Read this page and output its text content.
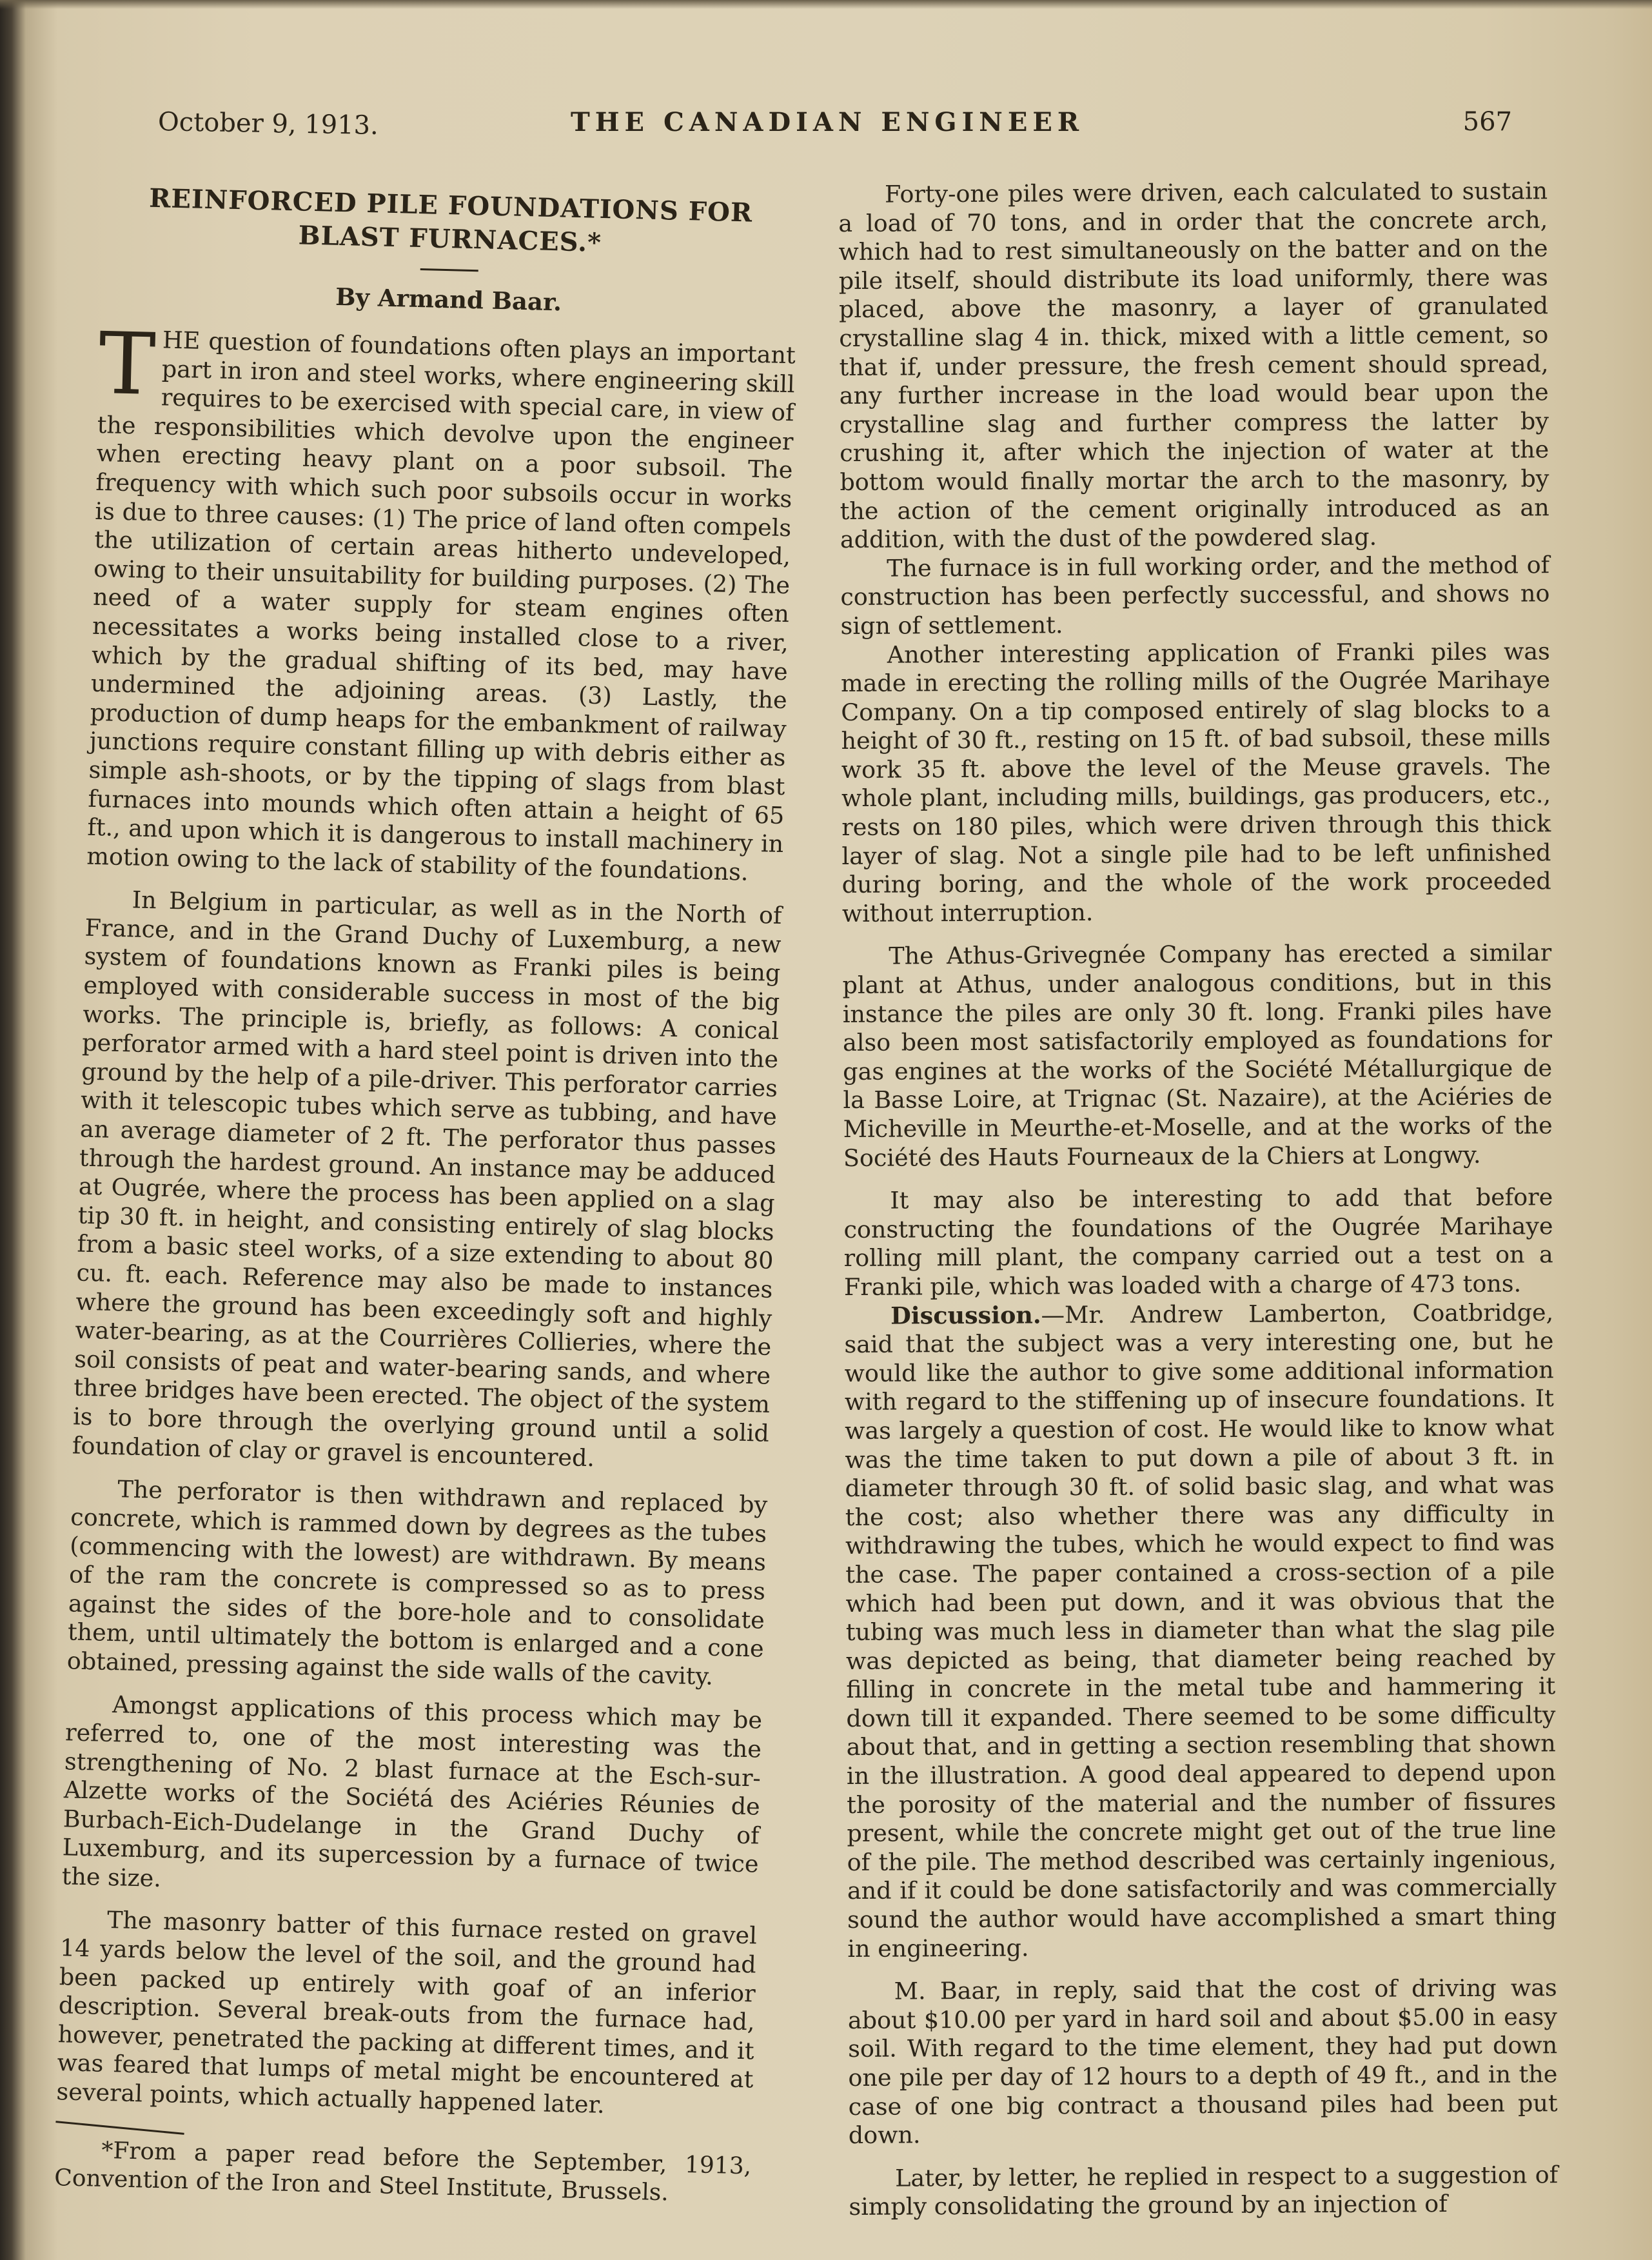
October 9, 1913.	THE CANADIAN ENGINEER	567
REINFORCED PILE FOUNDATIONS FOR BLAST FURNACES.*
By Armand Baar.

THE question of foundations often plays an important part in iron and steel works, where engineering skill requires to be exercised with special care, in view of the responsibilities which devolve upon the engineer when erecting heavy plant on a poor subsoil. The frequency with which such poor subsoils occur in works is due to three causes: (1) The price of land often compels the utilization of certain areas hitherto undeveloped, owing to their unsuitability for building purposes. (2) The need of a water supply for steam engines often necessitates a works being installed close to a river, which by the gradual shifting of its bed, may have undermined the adjoining areas. (3) Lastly, the production of dump heaps for the embankment of railway junctions require constant filling up with debris either as simple ash-shoots, or by the tipping of slags from blast furnaces into mounds which often attain a height of 65 ft., and upon which it is dangerous to install machinery in motion owing to the lack of stability of the foundations.

In Belgium in particular, as well as in the North of France, and in the Grand Duchy of Luxemburg, a new system of foundations known as Franki piles is being employed with considerable success in most of the big works. The principle is, briefly, as follows: A conical perforator armed with a hard steel point is driven into the ground by the help of a pile-driver. This perforator carries with it telescopic tubes which serve as tubbing, and have an average diameter of 2 ft. The perforator thus passes through the hardest ground. An instance may be adduced at Ougrée, where the process has been applied on a slag tip 30 ft. in height, and consisting entirely of slag blocks from a basic steel works, of a size extending to about 80 cu. ft. each. Reference may also be made to instances where the ground has been exceedingly soft and highly water-bearing, as at the Courrières Collieries, where the soil consists of peat and water-bearing sands, and where three bridges have been erected. The object of the system is to bore through the overlying ground until a solid foundation of clay or gravel is encountered.

The perforator is then withdrawn and replaced by concrete, which is rammed down by degrees as the tubes (commencing with the lowest) are withdrawn. By means of the ram the concrete is compressed so as to press against the sides of the bore-hole and to consolidate them, until ultimately the bottom is enlarged and a cone obtained, pressing against the side walls of the cavity.

Amongst applications of this process which may be referred to, one of the most interesting was the strengthening of No. 2 blast furnace at the Esch-sur-Alzette works of the Sociétá des Aciéries Réunies de Burbach-Eich-Dudelange in the Grand Duchy of Luxemburg, and its supercession by a furnace of twice the size.

The masonry batter of this furnace rested on gravel 14 yards below the level of the soil, and the ground had been packed up entirely with goaf of an inferior description. Several break-outs from the furnace had, however, penetrated the packing at different times, and it was feared that lumps of metal might be encountered at several points, which actually happened later.

*From a paper read before the September, 1913, Convention of the Iron and Steel Institute, Brussels.

Forty-one piles were driven, each calculated to sustain a load of 70 tons, and in order that the concrete arch, which had to rest simultaneously on the batter and on the pile itself, should distribute its load uniformly, there was placed, above the masonry, a layer of granulated crystalline slag 4 in. thick, mixed with a little cement, so that if, under pressure, the fresh cement should spread, any further increase in the load would bear upon the crystalline slag and further compress the latter by crushing it, after which the injection of water at the bottom would finally mortar the arch to the masonry, by the action of the cement originally introduced as an addition, with the dust of the powdered slag.

The furnace is in full working order, and the method of construction has been perfectly successful, and shows no sign of settlement.

Another interesting application of Franki piles was made in erecting the rolling mills of the Ougrée Marihaye Company. On a tip composed entirely of slag blocks to a height of 30 ft., resting on 15 ft. of bad subsoil, these mills work 35 ft. above the level of the Meuse gravels. The whole plant, including mills, buildings, gas producers, etc., rests on 180 piles, which were driven through this thick layer of slag. Not a single pile had to be left unfinished during boring, and the whole of the work proceeded without interruption.

The Athus-Grivegnée Company has erected a similar plant at Athus, under analogous conditions, but in this instance the piles are only 30 ft. long. Franki piles have also been most satisfactorily employed as foundations for gas engines at the works of the Société Métallurgique de la Basse Loire, at Trignac (St. Nazaire), at the Aciéries de Micheville in Meurthe-et-Moselle, and at the works of the Société des Hauts Fourneaux de la Chiers at Longwy.

It may also be interesting to add that before constructing the foundations of the Ougrée Marihaye rolling mill plant, the company carried out a test on a Franki pile, which was loaded with a charge of 473 tons.

Discussion.—Mr. Andrew Lamberton, Coatbridge, said that the subject was a very interesting one, but he would like the author to give some additional information with regard to the stiffening up of insecure foundations. It was largely a question of cost. He would like to know what was the time taken to put down a pile of about 3 ft. in diameter through 30 ft. of solid basic slag, and what was the cost; also whether there was any difficulty in withdrawing the tubes, which he would expect to find was the case. The paper contained a cross-section of a pile which had been put down, and it was obvious that the tubing was much less in diameter than what the slag pile was depicted as being, that diameter being reached by filling in concrete in the metal tube and hammering it down till it expanded. There seemed to be some difficulty about that, and in getting a section resembling that shown in the illustration. A good deal appeared to depend upon the porosity of the material and the number of fissures present, while the concrete might get out of the true line of the pile. The method described was certainly ingenious, and if it could be done satisfactorily and was commercially sound the author would have accomplished a smart thing in engineering.

M. Baar, in reply, said that the cost of driving was about $10.00 per yard in hard soil and about $5.00 in easy soil. With regard to the time element, they had put down one pile per day of 12 hours to a depth of 49 ft., and in the case of one big contract a thousand piles had been put down.

Later, by letter, he replied in respect to a suggestion of simply consolidating the ground by an injection of
